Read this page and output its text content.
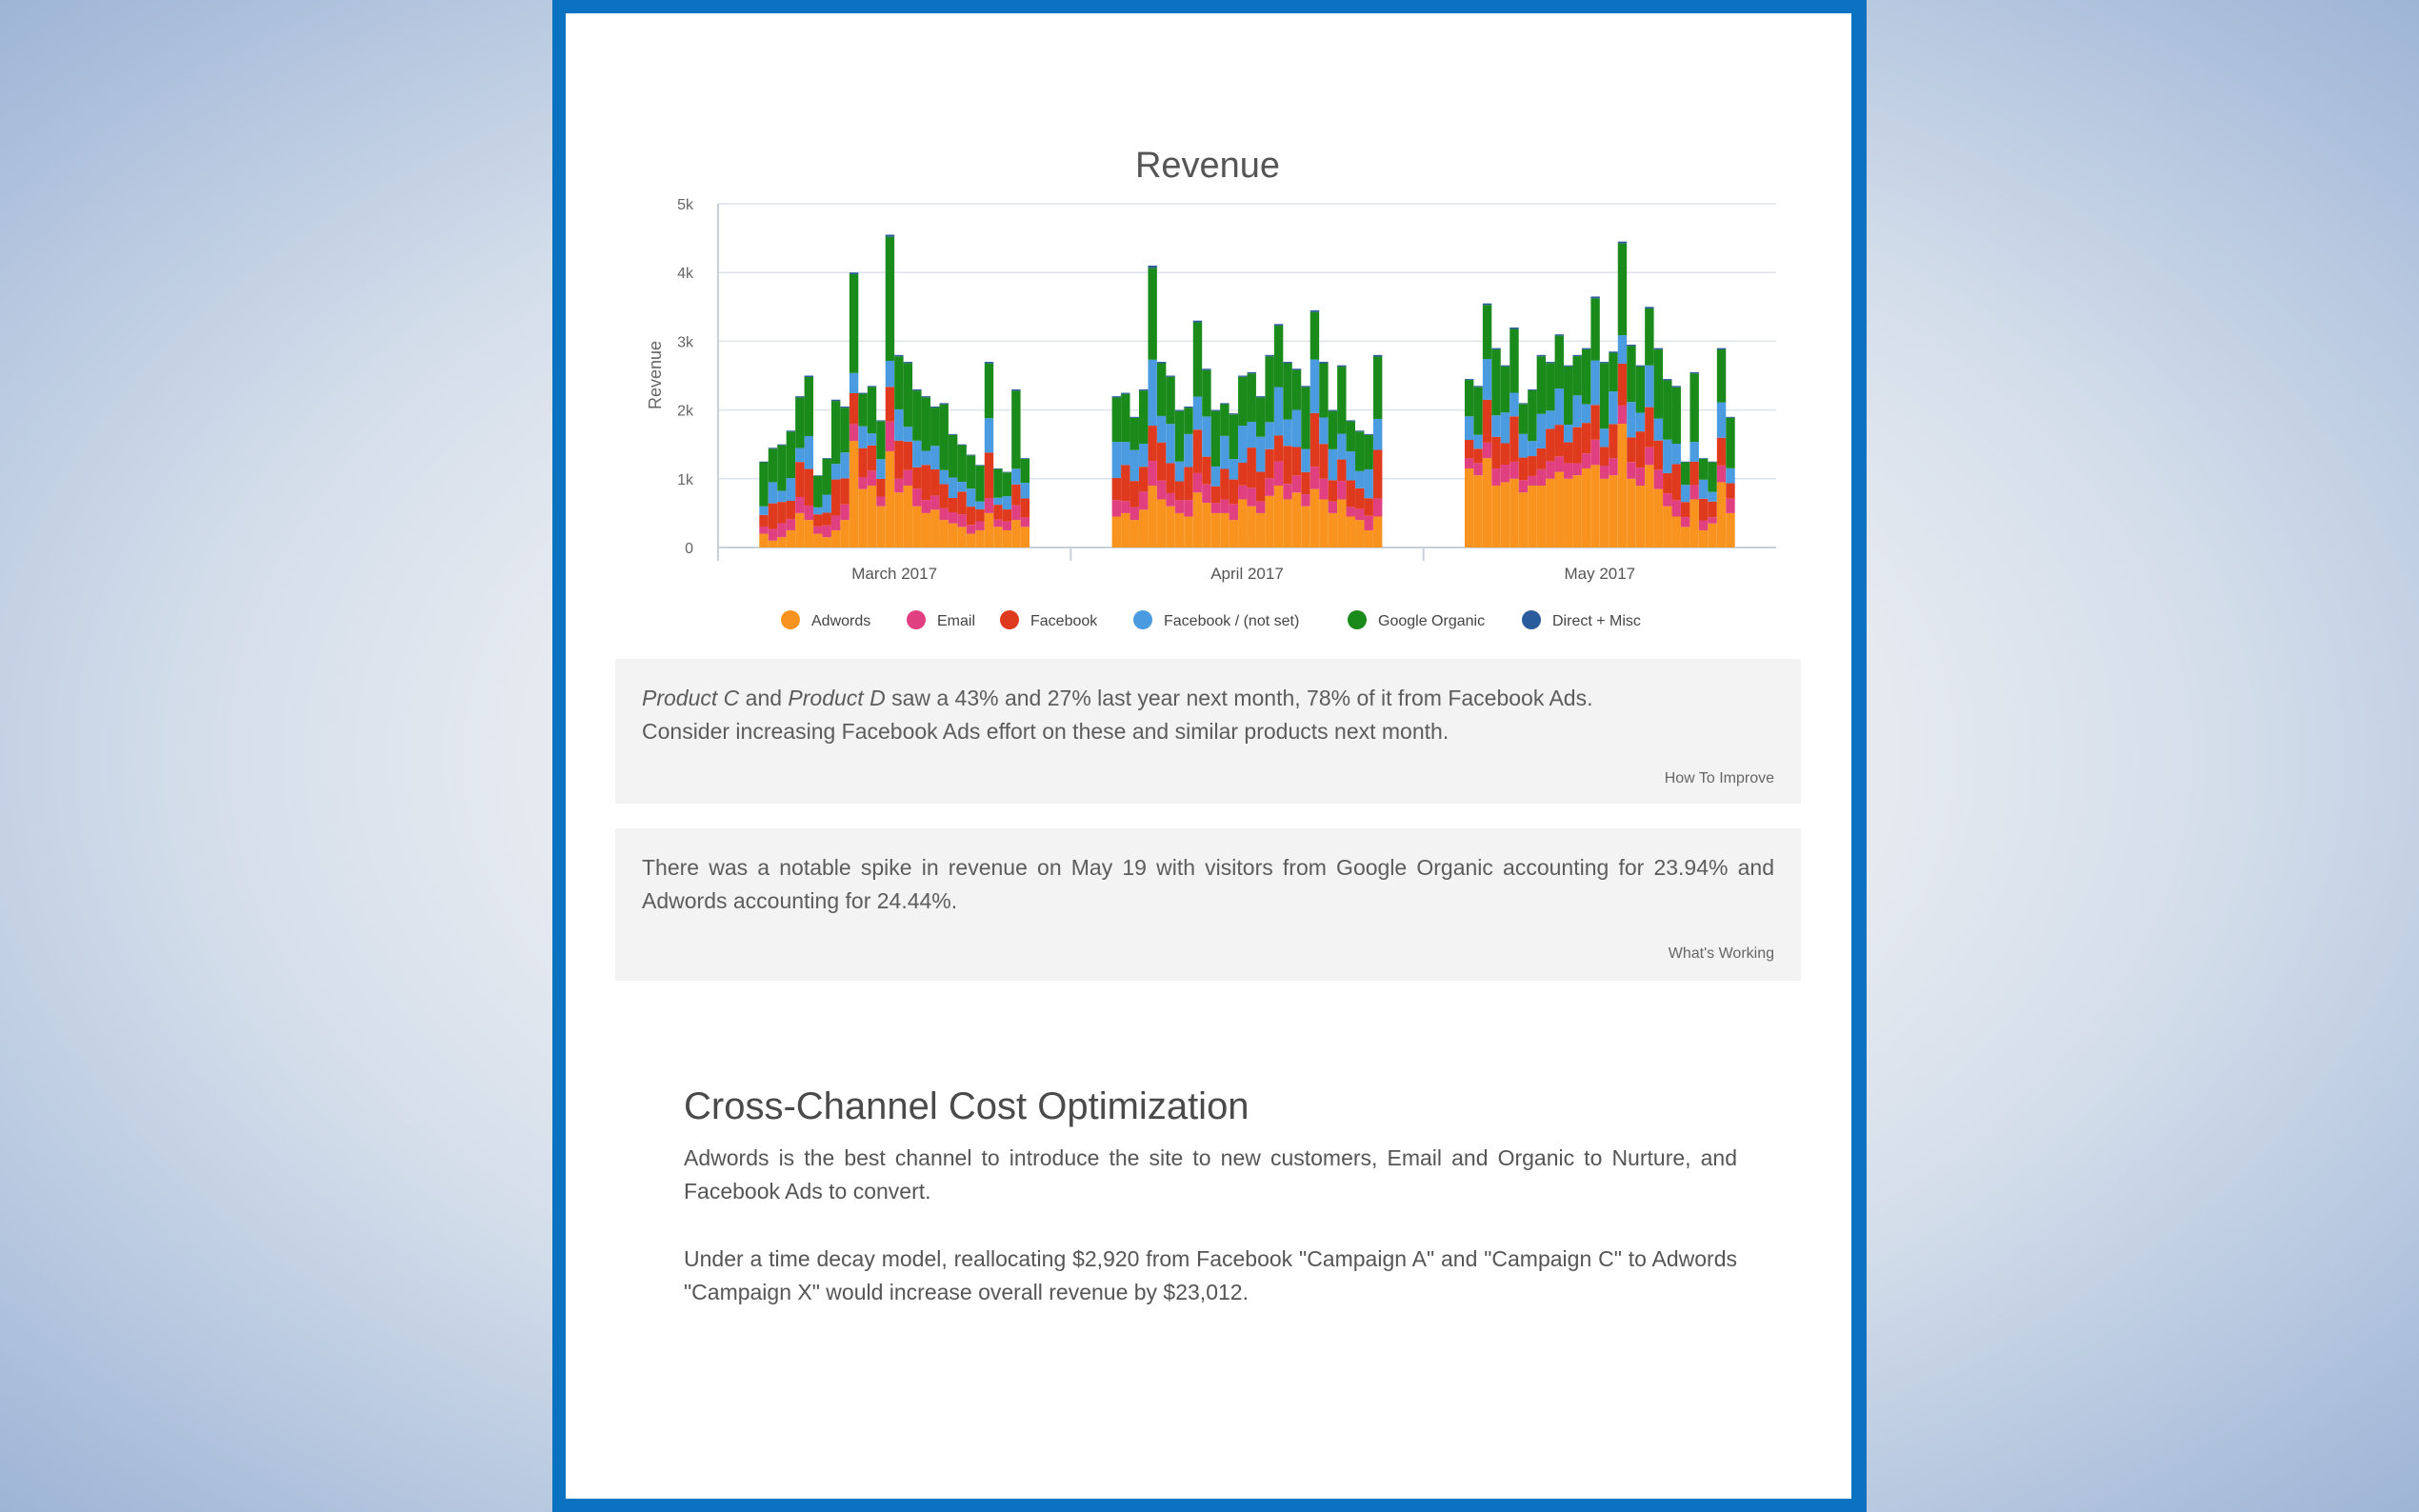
Revenue
0
1k
2k
3k
4k
5k
Revenue
March 2017	April 2017	May 2017
Adwords	Email	Facebook	Facebook / (not set)	Google Organic	Direct + Misc

Product C and Product D saw a 43% and 27% last year next month, 78% of it from Facebook Ads.

Consider increasing Facebook Ads effort on these and similar products next month.

How To Improve

There was a notable spike in revenue on May 19 with visitors from Google Organic accounting for 23.94% and Adwords accounting for 24.44%.

What's Working
Cross-Channel Cost Optimization

Adwords is the best channel to introduce the site to new customers, Email and Organic to Nurture, and Facebook Ads to convert.

Under a time decay model, reallocating $2,920 from Facebook "Campaign A" and "Campaign C" to Adwords "Campaign X" would increase overall revenue by $23,012.
